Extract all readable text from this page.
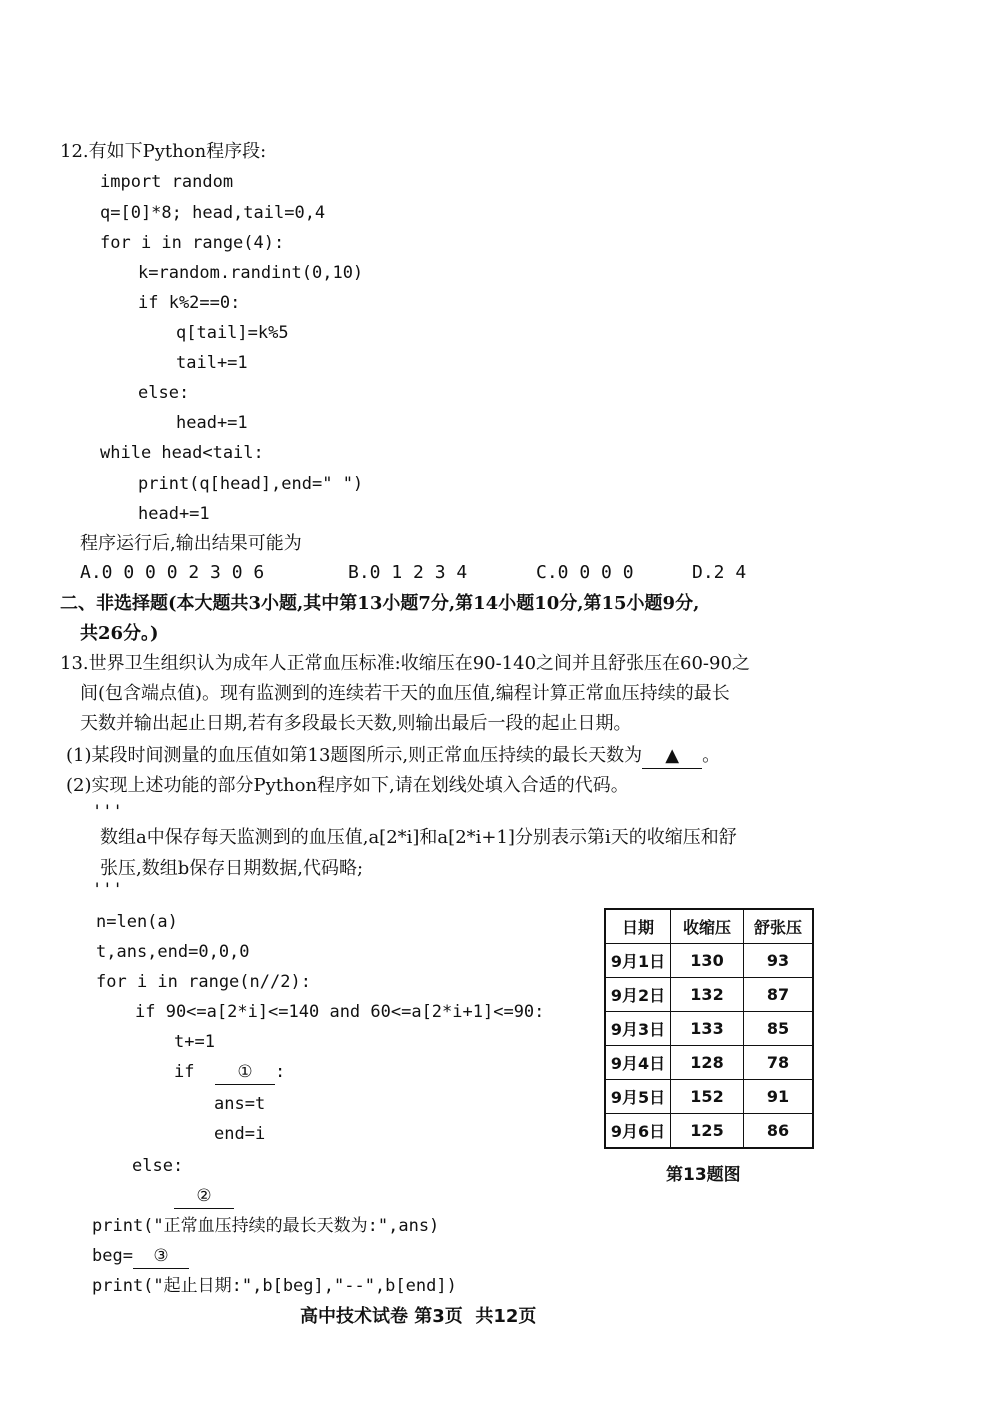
12.有如下Python程序段:
import random
q=[0]*8; head,tail=0,4
for i in range(4):
k=random.randint(0,10)
if k%2==0:
q[tail]=k%5
tail+=1
else:
head+=1
while head<tail:
print(q[head],end=" ")
head+=1
程序运行后,输出结果可能为
A.0 0 0 0 2 3 0 6	B.0 1 2 3 4	C.0 0 0 0	D.2 4
二、非选择题(本大题共3小题,其中第13小题7分,第14小题10分,第15小题9分,
共26分。)
13.世界卫生组织认为成年人正常血压标准:收缩压在90-140之间并且舒张压在60-90之
间(包含端点值)。现有监测到的连续若干天的血压值,编程计算正常血压持续的最长
天数并输出起止日期,若有多段最长天数,则输出最后一段的起止日期。
(1)某段时间测量的血压值如第13题图所示,则正常血压持续的最长天数为 ▲ 。
(2)实现上述功能的部分Python程序如下,请在划线处填入合适的代码。
'''
数组a中保存每天监测到的血压值,a[2*i]和a[2*i+1]分别表示第i天的收缩压和舒
张压,数组b保存日期数据,代码略;
'''
n=len(a)
t,ans,end=0,0,0
for i in range(n//2):
if 90<=a[2*i]<=140 and 60<=a[2*i+1]<=90:
t+=1
if	① :
ans=t
end=i
else:
②
print("正常血压持续的最长天数为:",ans)
beg= ③
print("起止日期:",b[beg],"--",b[end])
日期	收缩压	舒张压
9月1日	130	93
9月2日	132	87
9月3日	133	85
9月4日	128	78
9月5日	152	91
9月6日	125	86
第13题图
高中技术试卷 第3页  共12页
